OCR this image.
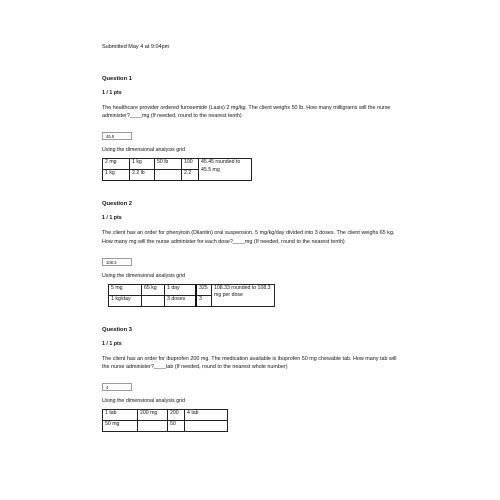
Submitted May 4 at 9:04pm
Question 1
1 / 1 pts
The healthcare provider ordered furosemide (Lasix) 2 mg/kg. The client weighs 50 lb. How many milligrams will the nurse administer?____mg (If needed, round to the nearest tenth)
45.5
Using the dimensional analysis grid
2 mg	1 kg	50 lb	100	45.45 rounded to 45.5 mg
1 kg	2.2 lb		2.2	
Question 2
1 / 1 pts
The client has an order for phenytoin (Dilantin) oral suspension, 5 mg/kg/day divided into 3 doses. The client weighs 65 kg. How many mg will the nurse administer for each dose?____mg (If needed, round to the nearest tenth)
108.3
Using the dimensional analysis grid
5 mg	65 kg	1 day	325	108.33 rounded to 108.3 mg per dose
1 kg/day		3 doses	3	
Question 3
1 / 1 pts
The client has an order for ibuprofen 200 mg. The medication available is ibuprofen 50 mg chewable tab. How many tab will the nurse administer?____tab (If needed, round to the nearest whole number)
4
Using the dimensional analysis grid
1 tab	200 mg	200	4 tab
50 mg		50	
